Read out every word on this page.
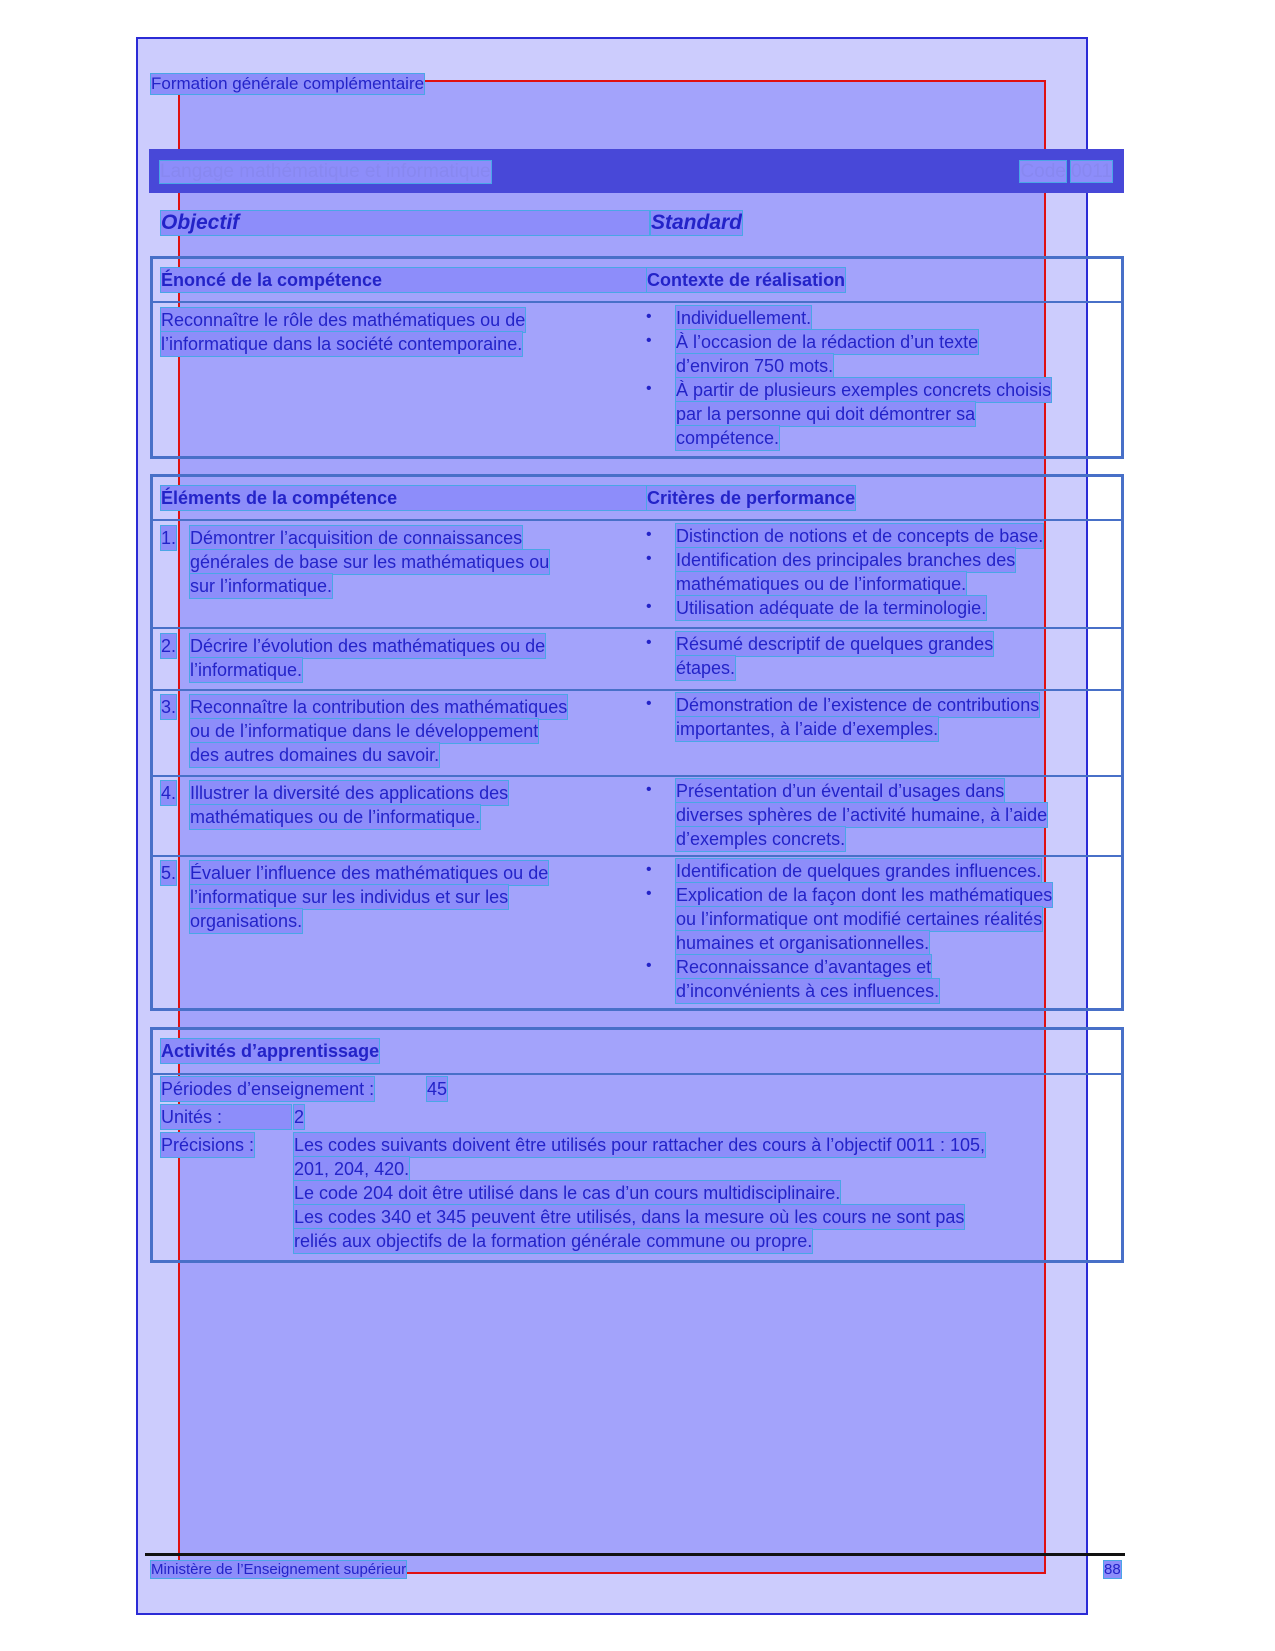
Formation générale complémentaire
Langage mathématique et informatique	Code 0011
Objectif	Standard
Énoncé de la compétence	Contexte de réalisation
Reconnaître le rôle des mathématiques ou de
l’informatique dans la société contemporaine.
• Individuellement.
• À l’occasion de la rédaction d’un texte
d’environ 750 mots.
• À partir de plusieurs exemples concrets choisis
par la personne qui doit démontrer sa
compétence.
Éléments de la compétence	Critères de performance
1. Démontrer l’acquisition de connaissances
générales de base sur les mathématiques ou
sur l’informatique.
• Distinction de notions et de concepts de base.
• Identification des principales branches des
mathématiques ou de l’informatique.
• Utilisation adéquate de la terminologie.
2. Décrire l’évolution des mathématiques ou de
l’informatique.
• Résumé descriptif de quelques grandes
étapes.
3. Reconnaître la contribution des mathématiques
ou de l’informatique dans le développement
des autres domaines du savoir.
• Démonstration de l’existence de contributions
importantes, à l’aide d’exemples.
4. Illustrer la diversité des applications des
mathématiques ou de l’informatique.
• Présentation d’un éventail d’usages dans
diverses sphères de l’activité humaine, à l’aide
d’exemples concrets.
5. Évaluer l’influence des mathématiques ou de
l’informatique sur les individus et sur les
organisations.
• Identification de quelques grandes influences.
• Explication de la façon dont les mathématiques
ou l’informatique ont modifié certaines réalités
humaines et organisationnelles.
• Reconnaissance d’avantages et
d’inconvénients à ces influences.
Activités d’apprentissage
Périodes d’enseignement :	45
Unités :	2
Précisions : Les codes suivants doivent être utilisés pour rattacher des cours à l’objectif 0011 : 105,
201, 204, 420.
Le code 204 doit être utilisé dans le cas d’un cours multidisciplinaire.
Les codes 340 et 345 peuvent être utilisés, dans la mesure où les cours ne sont pas
reliés aux objectifs de la formation générale commune ou propre.
Ministère de l’Enseignement supérieur	88
